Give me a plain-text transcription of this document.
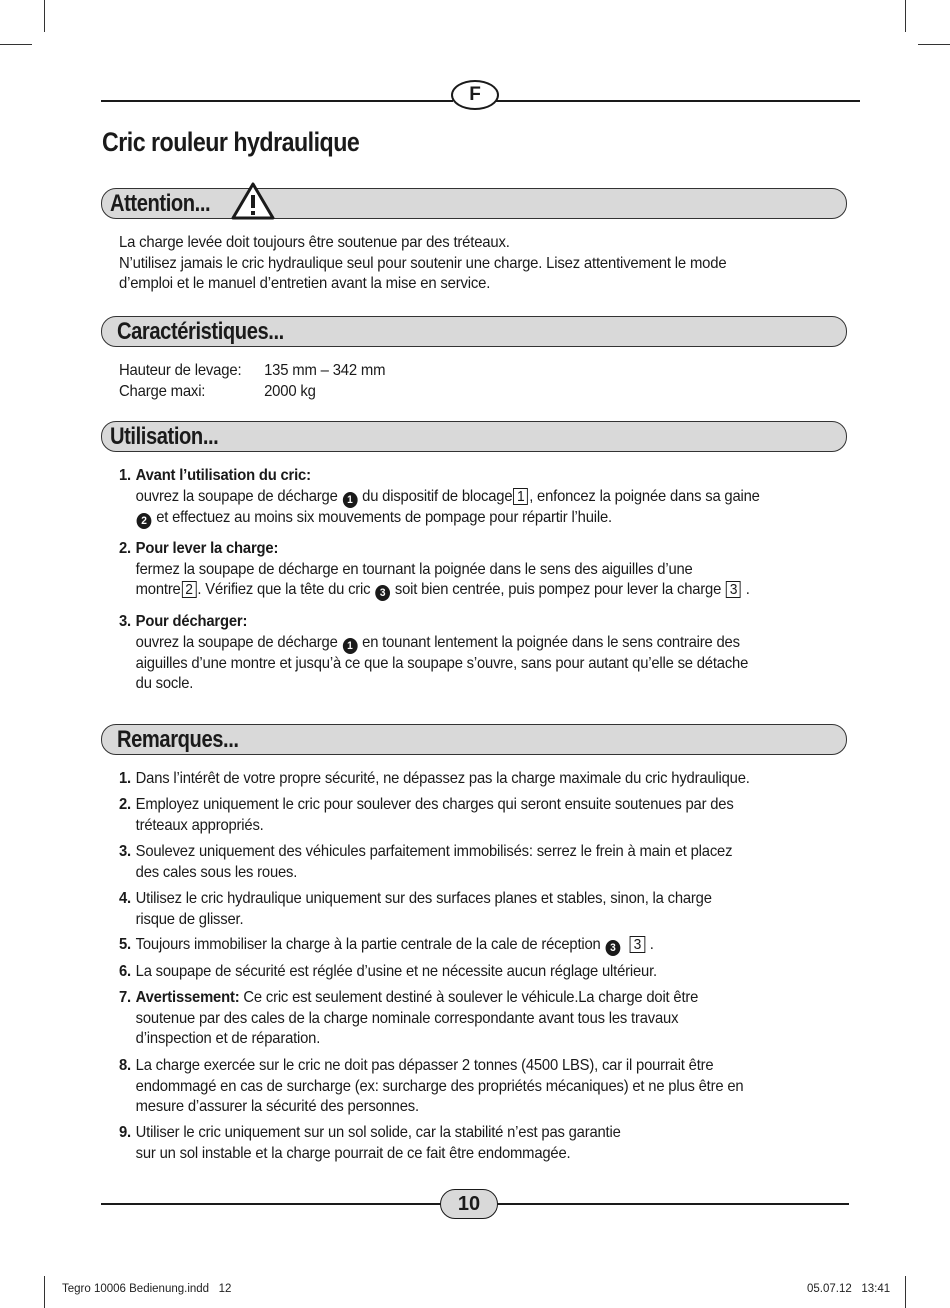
F
Cric rouleur hydraulique
Attention...
La charge levée doit toujours être soutenue par des tréteaux.
N’utilisez jamais le cric hydraulique seul pour soutenir une charge. Lisez attentivement le mode
d’emploi et le manuel d’entretien avant la mise en service.
Caractéristiques...
Hauteur de levage: 135 mm – 342 mm
Charge maxi:	2000 kg
Utilisation...
1. Avant l’utilisation du cric:
ouvrez la soupape de décharge 1 du dispositif de blocage 1 , enfoncez la poignée dans sa gaine
2 et effectuez au moins six mouvements de pompage pour répartir l’huile.
2. Pour lever la charge:
fermez la soupape de décharge en tournant la poignée dans le sens des aiguilles d’une
montre 2 . Vérifiez que la tête du cric 3 soit bien centrée, puis pompez pour lever la charge 3 .
3. Pour décharger:
ouvrez la soupape de décharge 1 en tounant lentement la poignée dans le sens contraire des
aiguilles d’une montre et jusqu’à ce que la soupape s’ouvre, sans pour autant qu’elle se détache
du socle.
Remarques...
1. Dans l’intérêt de votre propre sécurité, ne dépassez pas la charge maximale du cric hydraulique.
2. Employez uniquement le cric pour soulever des charges qui seront ensuite soutenues par des
tréteaux appropriés.
3. Soulevez uniquement des véhicules parfaitement immobilisés: serrez le frein à main et placez
des cales sous les roues.
4. Utilisez le cric hydraulique uniquement sur des surfaces planes et stables, sinon, la charge
risque de glisser.
5. Toujours immobiliser la charge à la partie centrale de la cale de réception 3 3 .
6. La soupape de sécurité est réglée d’usine et ne nécessite aucun réglage ultérieur.
7. Avertissement: Ce cric est seulement destiné à soulever le véhicule.La charge doit être
soutenue par des cales de la charge nominale correspondante avant tous les travaux
d’inspection et de réparation.
8. La charge exercée sur le cric ne doit pas dépasser 2 tonnes (4500 LBS), car il pourrait être
endommagé en cas de surcharge (ex: surcharge des propriétés mécaniques) et ne plus être en
mesure d’assurer la sécurité des personnes.
9. Utiliser le cric uniquement sur un sol solide, car la stabilité n’est pas garantie
sur un sol instable et la charge pourrait de ce fait être endommagée.
10
Tegro 10006 Bedienung.indd   12	05.07.12   13:41
